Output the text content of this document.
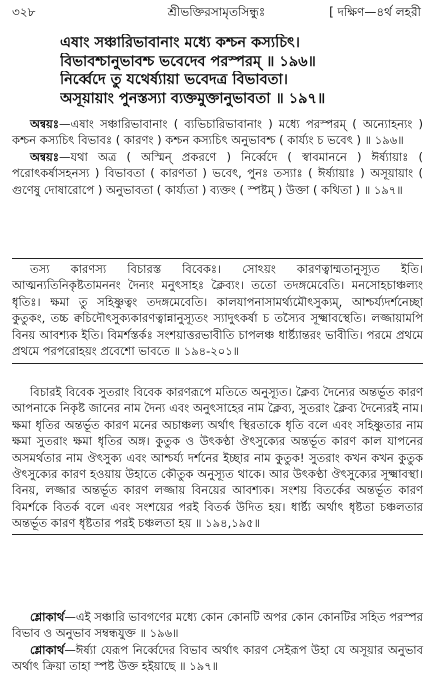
৩২৮	শ্রীভক্তিরসামৃতসিন্ধুঃ	[ দক্ষিণ—৪র্থ লহরী
এষাং সঞ্চারিভাবানাং মধ্যে কশ্চন কস্যচিৎ।
বিভাবশ্চানুভাবশ্চ ভবেদেব পরস্পরম্ ॥ ১৯৬॥
নির্ব্বেদে তু যথের্ষ্যায়া ভবেদত্র বিভাবতা।
অসূয়ায়াং পুনস্তস্যা ব্যক্তমুক্তানুভাবতা ॥ ১৯৭॥

অন্বয়ঃ—এষাং সঞ্চারিভাবানাং ( ব্যভিচারিভাবানাং ) মধ্যে পরস্পরম্ ( অন্যোহন্যং ) কশ্চন কস্যচিৎ বিভাবঃ ( কারণং ) কশ্চন কস্যচিৎ অনুভাবশ্চ ( কার্য্যং চ ভবেৎ ) ॥ ১৯৬॥

অন্বয়ঃ—যথা অত্র ( অস্মিন্ প্রকরণে ) নির্ব্বেদে ( স্বাবমাননে ) ঈর্ষ্যায়াঃ ( পরোৎকর্ষাসহনস্য ) বিভাবতা ( কারণতা ) ভবেৎ, পুনঃ তস্যাঃ ( ঈর্ষ্যায়াঃ ) অসূয়ায়াং ( গুণেষু দোষারোপে ) অনুভাবতা ( কার্য্যতা ) ব্যক্তং ( স্পষ্টম্ ) উক্তা ( কথিতা ) ॥ ১৯৭॥

তস্য কারণস্য বিচারস্ত বিবেকঃ। সোঽয়ং কারণত্বাম্মতানুস্যূত ইতি। আত্মন্যতিনিকৃষ্টতামননং দৈন্যং মনুৎসাহঃ ক্লৈব্যং। ততো তদঙ্গমেবেতি। মনসোহচাঞ্চল্যং ধৃতিঃ। ক্ষমা তু সহিষ্ণুত্বং তদঙ্গমেবেতি। কালযাপনাসামর্থ্যমৌৎসুক্যম্, আশ্চর্য্যদর্শনেচ্ছা কুতুকং, তচ্চ ক্বচিদৌৎসুক্যকারণত্বান্নানুস্যূতং স্যাদুৎকর্ষা চ তস্যৈব সূক্ষ্মাবস্থেতি। লজ্জায়ামপি বিনয় আবশ্যক ইতি। বিমর্শস্তর্কঃ সংশয়াত্তরভাবীতি চাপলঞ্চ ধার্ষ্ট্যান্তরং ভাবীতি। পরমে প্রথমে প্রথমে পরপরোহয়ং প্রবেশো ভাবতে ॥ ১৯৪-২০১॥

বিচারই বিবেক সুতরাং বিবেক কারণরূপে মতিতে অনুস্যূত। ক্লৈব্য দৈন্যের অন্তর্ভূত কারণ আপনাকে নিকৃষ্ট জানের নাম দৈন্য এবং অনুৎসাহের নাম ক্লৈব্য, সুতরাং ক্লৈব্য দৈন্যেরই নাম। ক্ষমা ধৃতির অন্তর্ভূত কারণ মনের অচাঞ্চল্য অর্থাৎ স্থিরতাকে ধৃতি বলে এবং সহিষ্ণুতার নাম ক্ষমা সুতরাং ক্ষমা ধৃতির অঙ্গ। কুতুক ও উৎকণ্ঠা ঔৎসুক্যের অন্তর্ভূত কারণ কাল যাপনের অসমর্থতার নাম ঔৎসুক্য এবং আশ্চর্য্য দর্শনের ইচ্ছার নাম কুতুক! সুতরাং কখন কখন কুতুক ঔৎসুক্যের কারণ হওয়ায় উহাতে কৌতুক অনুস্যূত থাকে। আর উৎকণ্ঠা ঔৎসুক্যের সূক্ষ্মাবস্থা। বিনয়, লজ্জার অন্তর্ভূত কারণ লজ্জায় বিনয়ের আবশ্যক। সংশয় বিতর্কের অন্তর্ভূত কারণ বিমর্শকে বিতর্ক বলে এবং সংশয়ের পরই বিতর্ক উদিত হয়। ধার্ষ্ট্য অর্থাৎ ধৃষ্টতা চঞ্চলতার অন্তর্ভূত কারণ ধৃষ্টতার পরই চঞ্চলতা হয় ॥ ১৯৪,১৯৫॥

শ্লোকার্থ—এই সঞ্চারি ভাবগণের মধ্যে কোন কোনটি অপর কোন কোনটির সহিত পরস্পর বিভাব ও অনুভাব সম্বন্ধযুক্ত ॥ ১৯৬॥

শ্লোকার্থ—ঈর্ষ্যা যেরূপ নির্ব্বেদের বিভাব অর্থাৎ কারণ সেইরূপ উহা যে অসূয়ার অনুভাব অর্থাৎ ক্রিয়া তাহা স্পষ্ট উক্ত হইয়াছে ॥ ১৯৭॥
